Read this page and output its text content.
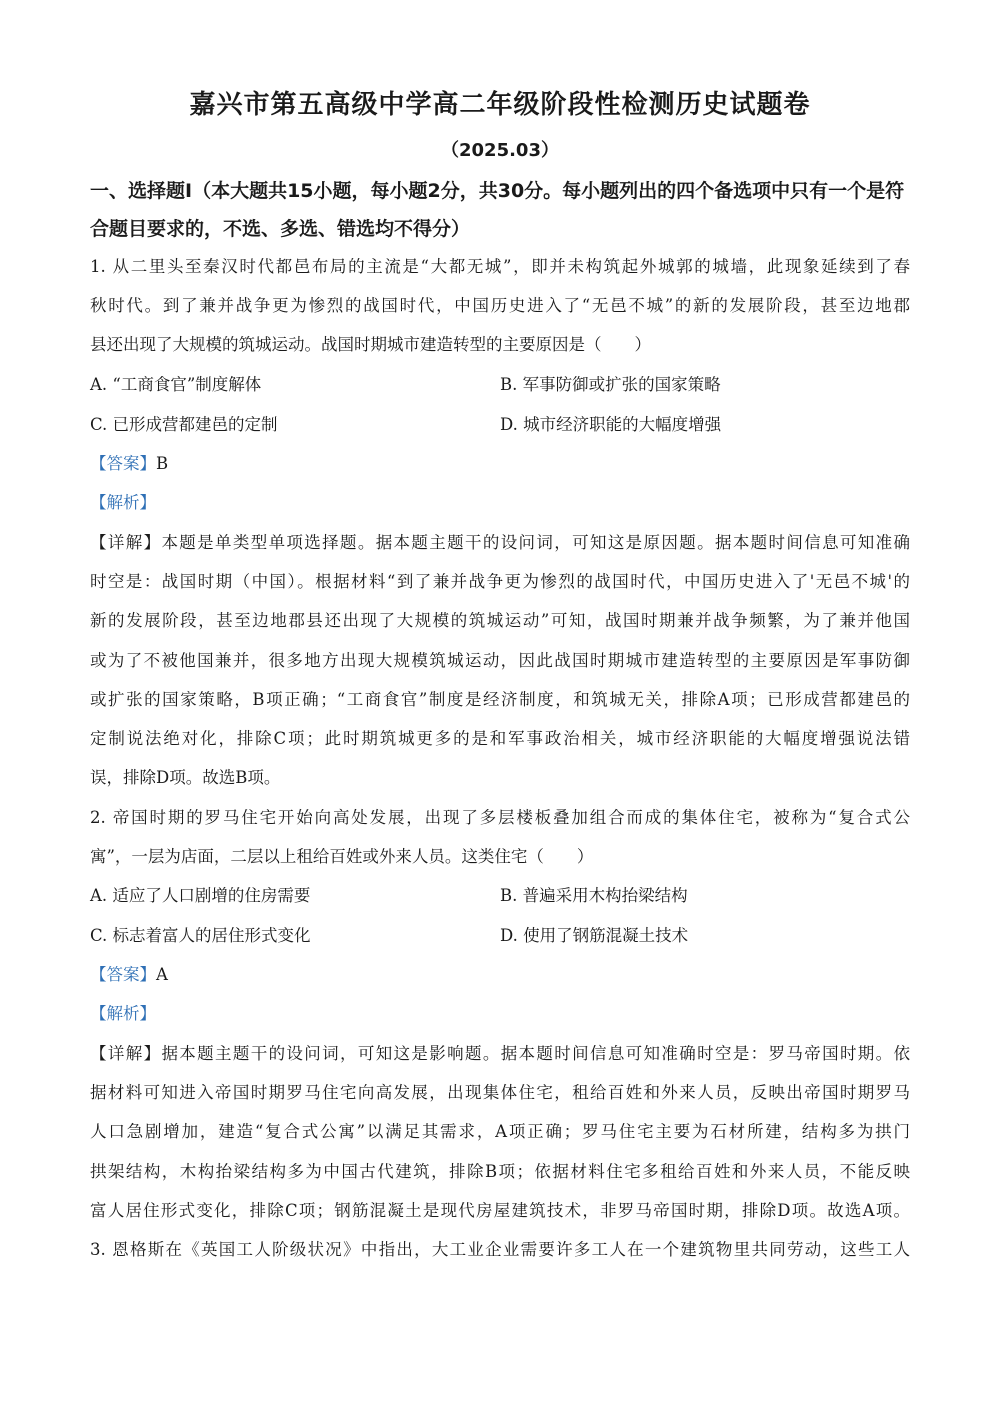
嘉兴市第五高级中学高二年级阶段性检测历史试题卷
（2025.03）
一、选择题Ⅰ（本大题共15小题，每小题2分，共30分。每小题列出的四个备选项中只有一个是符合题目要求的，不选、多选、错选均不得分）
1. 从二里头至秦汉时代都邑布局的主流是“大都无城”，即并未构筑起外城郭的城墙，此现象延续到了春
秋时代。到了兼并战争更为惨烈的战国时代，中国历史进入了“无邑不城”的新的发展阶段，甚至边地郡
县还出现了大规模的筑城运动。战国时期城市建造转型的主要原因是（　　）
A. “工商食官”制度解体	B. 军事防御或扩张的国家策略
C. 已形成营都建邑的定制	D. 城市经济职能的大幅度增强
【答案】B
【解析】
【详解】本题是单类型单项选择题。据本题主题干的设问词，可知这是原因题。据本题时间信息可知准确
时空是：战国时期（中国）。根据材料“到了兼并战争更为惨烈的战国时代，中国历史进入了'无邑不城'的
新的发展阶段，甚至边地郡县还出现了大规模的筑城运动”可知，战国时期兼并战争频繁，为了兼并他国
或为了不被他国兼并，很多地方出现大规模筑城运动，因此战国时期城市建造转型的主要原因是军事防御
或扩张的国家策略，B项正确；“工商食官”制度是经济制度，和筑城无关，排除A项；已形成营都建邑的
定制说法绝对化，排除C项；此时期筑城更多的是和军事政治相关，城市经济职能的大幅度增强说法错
误，排除D项。故选B项。
2. 帝国时期的罗马住宅开始向高处发展，出现了多层楼板叠加组合而成的集体住宅，被称为“复合式公
寓”，一层为店面，二层以上租给百姓或外来人员。这类住宅（　　）
A. 适应了人口剧增的住房需要	B. 普遍采用木构抬梁结构
C. 标志着富人的居住形式变化	D. 使用了钢筋混凝土技术
【答案】A
【解析】
【详解】据本题主题干的设问词，可知这是影响题。据本题时间信息可知准确时空是：罗马帝国时期。依
据材料可知进入帝国时期罗马住宅向高发展，出现集体住宅，租给百姓和外来人员，反映出帝国时期罗马
人口急剧增加，建造“复合式公寓”以满足其需求，A项正确；罗马住宅主要为石材所建，结构多为拱门
拱架结构，木构抬梁结构多为中国古代建筑，排除B项；依据材料住宅多租给百姓和外来人员，不能反映
富人居住形式变化，排除C项；钢筋混凝土是现代房屋建筑技术，非罗马帝国时期，排除D项。故选A项。
3. 恩格斯在《英国工人阶级状况》中指出，大工业企业需要许多工人在一个建筑物里共同劳动，这些工人
